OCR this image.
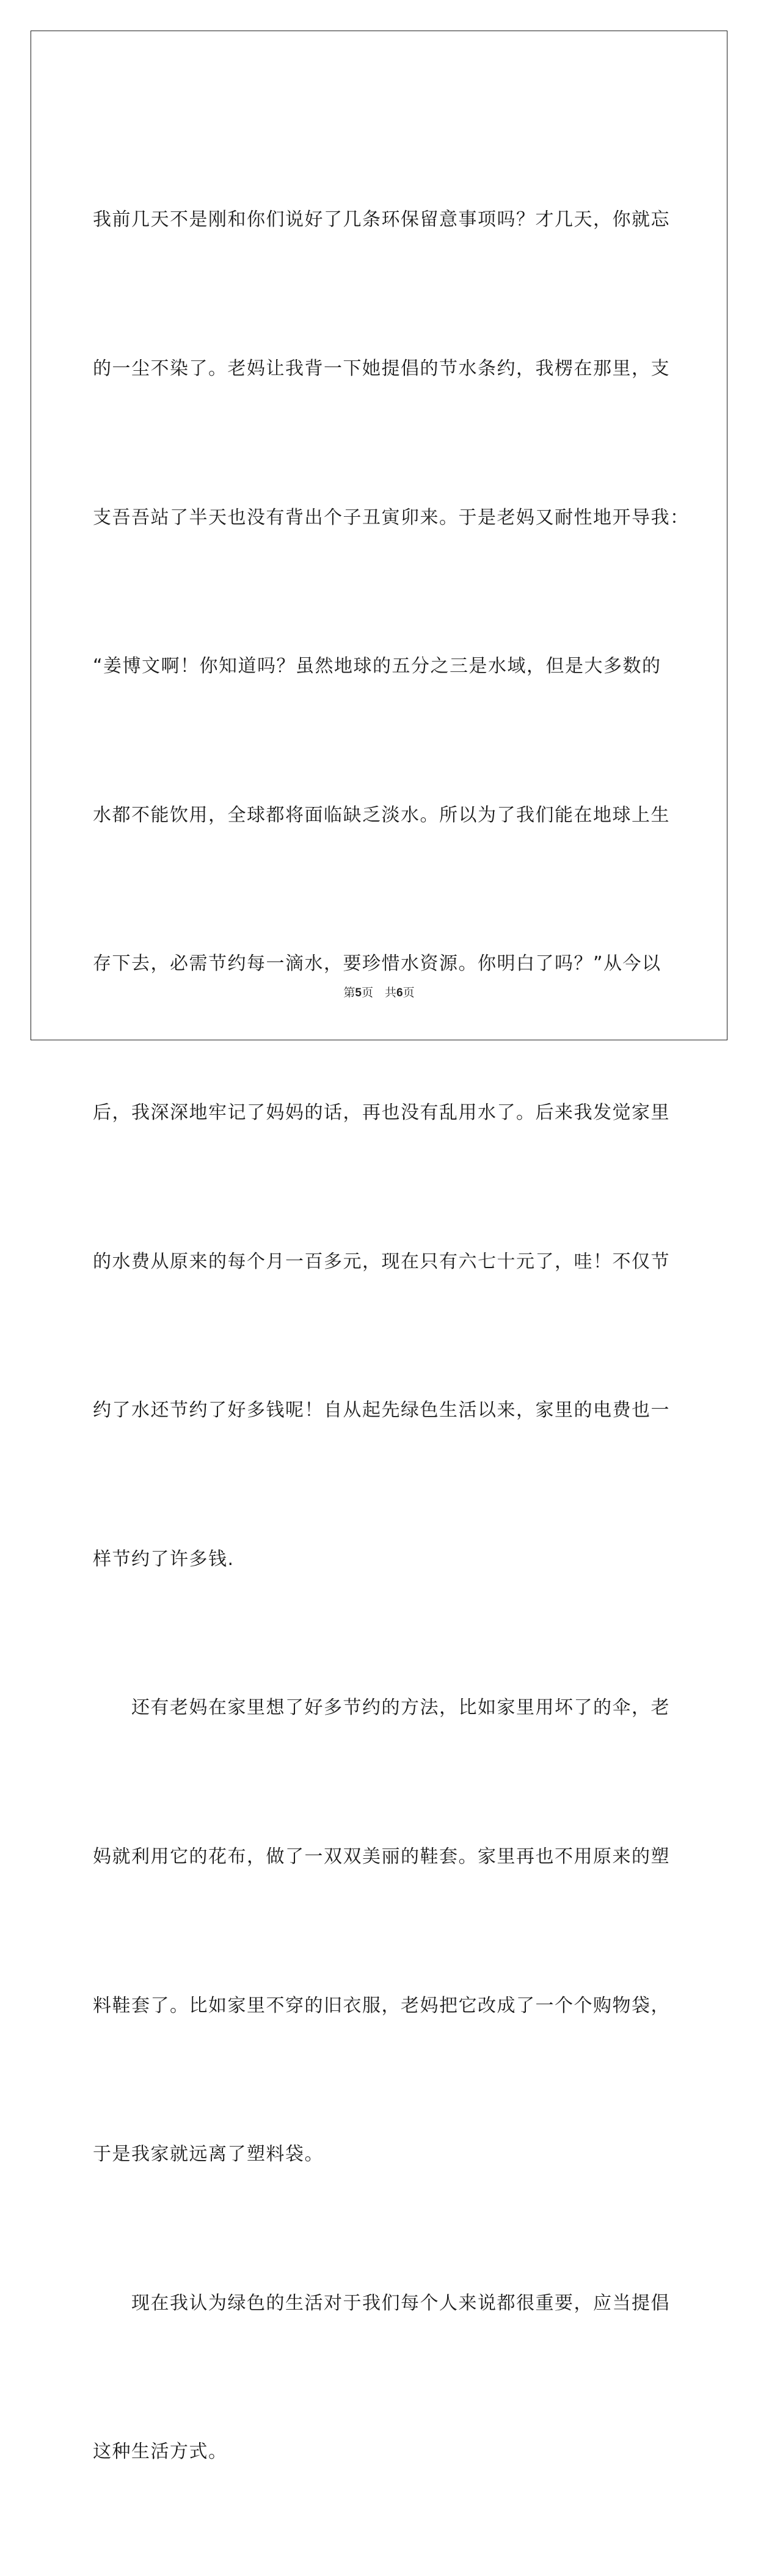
我前几天不是刚和你们说好了几条环保留意事项吗？才几天，你就忘

的一尘不染了。老妈让我背一下她提倡的节水条约，我楞在那里，支

支吾吾站了半天也没有背出个子丑寅卯来。于是老妈又耐性地开导我：

“姜博文啊！你知道吗？虽然地球的五分之三是水域，但是大多数的

水都不能饮用，全球都将面临缺乏淡水。所以为了我们能在地球上生

存下去，必需节约每一滴水，要珍惜水资源。你明白了吗？”从今以

后，我深深地牢记了妈妈的话，再也没有乱用水了。后来我发觉家里

的水费从原来的每个月一百多元，现在只有六七十元了，哇！不仅节

约了水还节约了好多钱呢！自从起先绿色生活以来，家里的电费也一

样节约了许多钱.

　　还有老妈在家里想了好多节约的方法，比如家里用坏了的伞，老

妈就利用它的花布，做了一双双美丽的鞋套。家里再也不用原来的塑

料鞋套了。比如家里不穿的旧衣服，老妈把它改成了一个个购物袋，

于是我家就远离了塑料袋。

　　现在我认为绿色的生活对于我们每个人来说都很重要，应当提倡

这种生活方式。

第5页　共6页
